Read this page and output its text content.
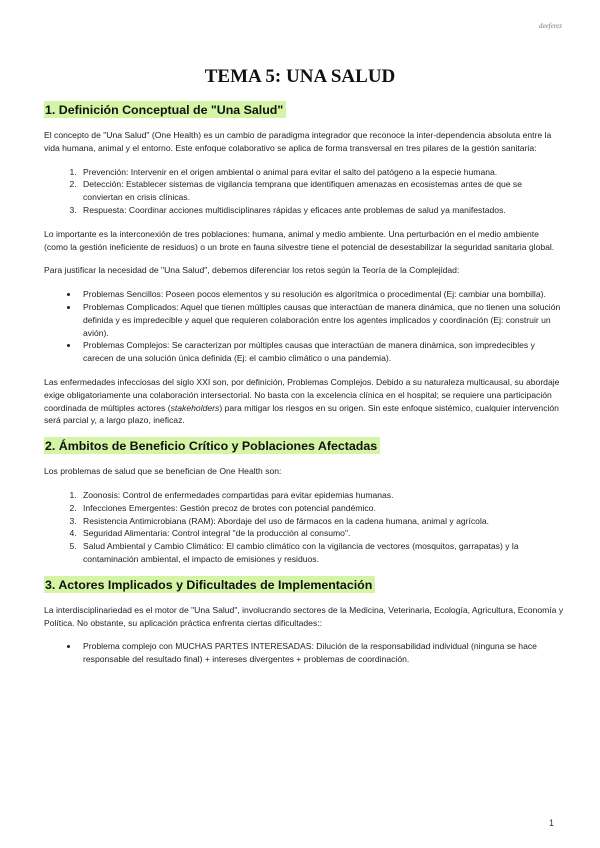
deeferez
TEMA 5: UNA SALUD
1. Definición Conceptual de "Una Salud"

El concepto de "Una Salud" (One Health) es un cambio de paradigma integrador que reconoce la inter-dependencia absoluta entre la vida humana, animal y el entorno. Este enfoque colaborativo se aplica de forma transversal en tres pilares de la gestión sanitaria:

1. Prevención: Intervenir en el origen ambiental o animal para evitar el salto del patógeno a la especie humana.
2. Detección: Establecer sistemas de vigilancia temprana que identifiquen amenazas en ecosistemas antes de que se conviertan en crisis clínicas.
3. Respuesta: Coordinar acciones multidisciplinares rápidas y eficaces ante problemas de salud ya manifestados.

Lo importante es la interconexión de tres poblaciones: humana, animal y medio ambiente. Una perturbación en el medio ambiente (como la gestión ineficiente de residuos) o un brote en fauna silvestre tiene el potencial de desestabilizar la seguridad sanitaria global.

Para justificar la necesidad de "Una Salud", debemos diferenciar los retos según la Teoría de la Complejidad:

• Problemas Sencillos: Poseen pocos elementos y su resolución es algorítmica o procedimental (Ej: cambiar una bombilla).
• Problemas Complicados: Aquel que tienen múltiples causas que interactúan de manera dinámica, que no tienen una solución definida y es impredecible y aquel que requieren colaboración entre los agentes implicados y coordinación (Ej: construir un avión).
• Problemas Complejos: Se caracterizan por múltiples causas que interactúan de manera dinámica, son impredecibles y carecen de una solución única definida (Ej: el cambio climático o una pandemia).

Las enfermedades infecciosas del siglo XXI son, por definición, Problemas Complejos. Debido a su naturaleza multicausal, su abordaje exige obligatoriamente una colaboración intersectorial. No basta con la excelencia clínica en el hospital; se requiere una participación coordinada de múltiples actores (stakeholders) para mitigar los riesgos en su origen. Sin este enfoque sistémico, cualquier intervención será parcial y, a largo plazo, ineficaz.

2. Ámbitos de Beneficio Crítico y Poblaciones Afectadas

Los problemas de salud que se benefician de One Health son:

1. Zoonosis: Control de enfermedades compartidas para evitar epidemias humanas.
2. Infecciones Emergentes: Gestión precoz de brotes con potencial pandémico.
3. Resistencia Antimicrobiana (RAM): Abordaje del uso de fármacos en la cadena humana, animal y agrícola.
4. Seguridad Alimentaria: Control integral "de la producción al consumo".
5. Salud Ambiental y Cambio Climático: El cambio climático con la vigilancia de vectores (mosquitos, garrapatas) y la contaminación ambiental, el impacto de emisiones y residuos.
3. Actores Implicados y Dificultades de Implementación

La interdisciplinariedad es el motor de "Una Salud", involucrando sectores de la Medicina, Veterinaria, Ecología, Agricultura, Economía y Política. No obstante, su aplicación práctica enfrenta ciertas dificultades::

• Problema complejo con MUCHAS PARTES INTERESADAS: Dilución de la responsabilidad individual (ninguna se hace responsable del resultado final) + intereses divergentes + problemas de coordinación.
1
